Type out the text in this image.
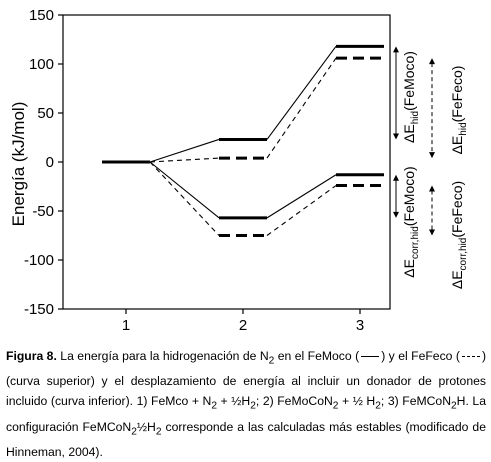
150
100
50
0
-50
-100
-150
1	2	3
Energía (kJ/mol)	$\Delta E_{hid}(FeMoco)$
$\Delta E_{hid}(FeFeco)$
$\Delta E_{corr,hid}(FeMoco)$
$\Delta E_{corr,hid}(FeFeco)$
Figura 8. La energía para la hidrogenación de $N_2$ en el FeMoco ( ) y el FeFeco ( ) (curva superior) y el desplazamiento de energía al incluir un donador de protones incluido (curva inferior). 1) FeMco + $N_2$ + $\frac{1}{2}H_2$; 2) FeMoCoN$_2$ + ½ $H_2$; 3) FeMCoN$_2$H. La configuración $FeMCoN_2\frac{1}{2}H_2$ corresponde a las calculadas más estables (modificado de Hinneman, 2004).
